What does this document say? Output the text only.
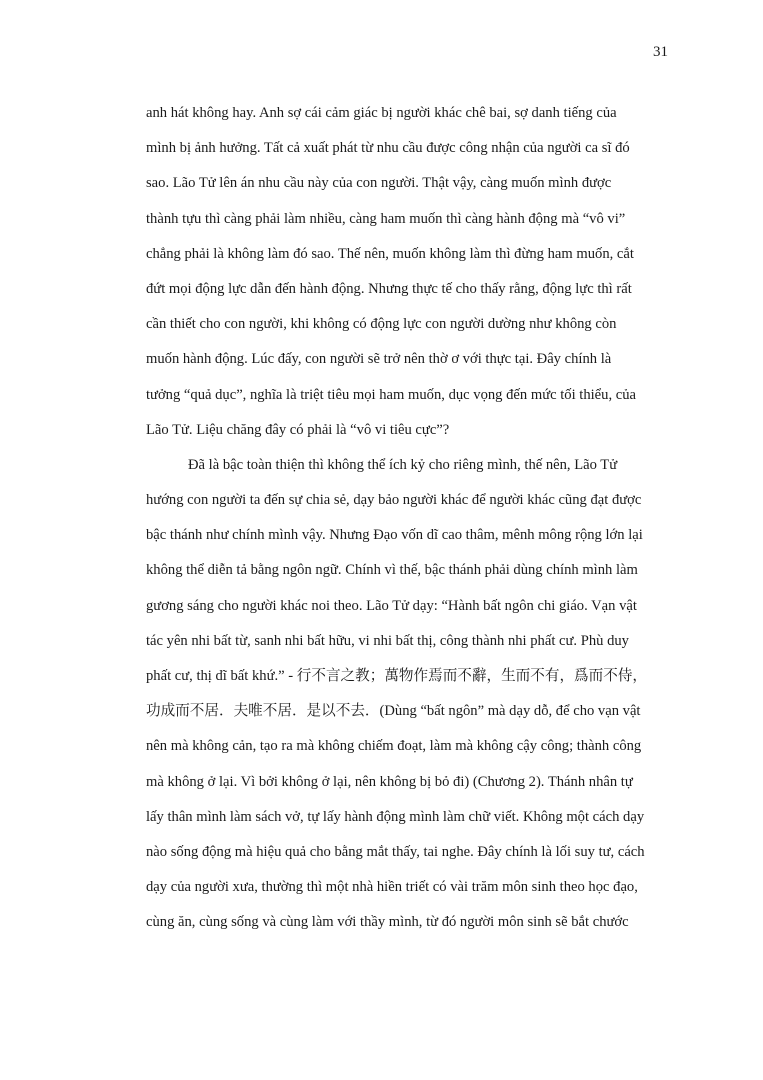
31
anh hát không hay. Anh sợ cái cảm giác bị người khác chê bai, sợ danh tiếng của
mình bị ảnh hưởng. Tất cả xuất phát từ nhu cầu được công nhận của người ca sĩ đó
sao. Lão Tử lên án nhu cầu này của con người. Thật vậy, càng muốn mình được
thành tựu thì càng phải làm nhiều, càng ham muốn thì càng hành động mà “vô vi”
chẳng phải là không làm đó sao. Thế nên, muốn không làm thì đừng ham muốn, cắt
đứt mọi động lực dẫn đến hành động. Nhưng thực tế cho thấy rằng, động lực thì rất
cần thiết cho con người, khi không có động lực con người dường như không còn
muốn hành động. Lúc đấy, con người sẽ trở nên thờ ơ với thực tại. Đây chính là
tưởng “quả dục”, nghĩa là triệt tiêu mọi ham muốn, dục vọng đến mức tối thiểu, của
Lão Tử. Liệu chăng đây có phải là “vô vi tiêu cực”?
Đã là bậc toàn thiện thì không thể ích kỷ cho riêng mình, thế nên, Lão Tử
hướng con người ta đến sự chia sẻ, dạy bảo người khác để người khác cũng đạt được
bậc thánh như chính mình vậy. Nhưng Đạo vốn dĩ cao thâm, mênh mông rộng lớn lại
không thể diễn tả bằng ngôn ngữ. Chính vì thế, bậc thánh phải dùng chính mình làm
gương sáng cho người khác noi theo. Lão Tử dạy: “Hành bất ngôn chi giáo. Vạn vật
tác yên nhi bất từ, sanh nhi bất hữu, vi nhi bất thị, công thành nhi phất cư. Phù duy
phất cư, thị dĩ bất khứ.” - 行不言之教；萬物作焉而不辭，生而不有，爲而不侍，
功成而不居．夫唯不居．是以不去．(Dùng “bất ngôn” mà dạy dỗ, để cho vạn vật
nên mà không cản, tạo ra mà không chiếm đoạt, làm mà không cậy công; thành công
mà không ở lại. Vì bởi không ở lại, nên không bị bỏ đi) (Chương 2). Thánh nhân tự
lấy thân mình làm sách vở, tự lấy hành động mình làm chữ viết. Không một cách dạy
nào sống động mà hiệu quả cho bằng mắt thấy, tai nghe. Đây chính là lối suy tư, cách
dạy của người xưa, thường thì một nhà hiền triết có vài trăm môn sinh theo học đạo,
cùng ăn, cùng sống và cùng làm với thầy mình, từ đó người môn sinh sẽ bắt chước
